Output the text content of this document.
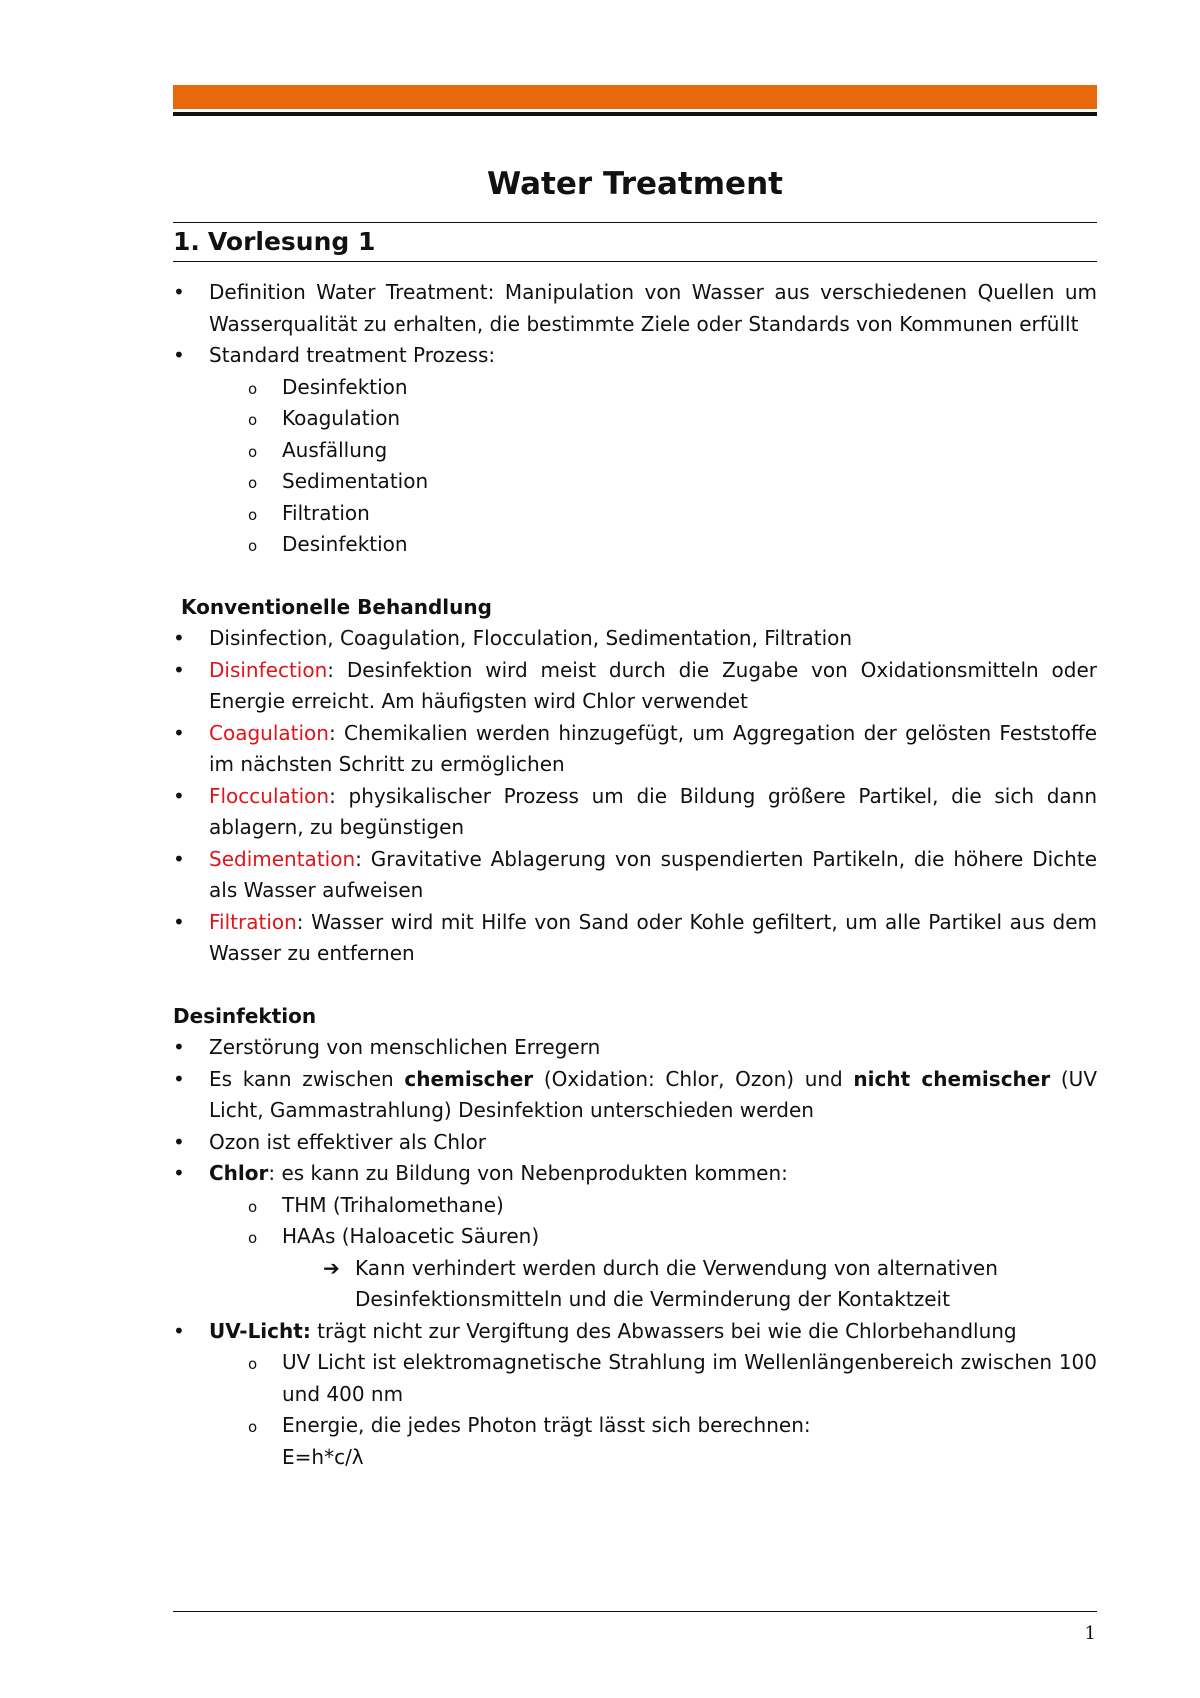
Water Treatment
1. Vorlesung 1
• Definition Water Treatment: Manipulation von Wasser aus verschiedenen Quellen um Wasserqualität zu erhalten, die bestimmte Ziele oder Standards von Kommunen erfüllt
• Standard treatment Prozess:
o Desinfektion
o Koagulation
o Ausfällung
o Sedimentation
o Filtration
o Desinfektion

Konventionelle Behandlung

• Disinfection, Coagulation, Flocculation, Sedimentation, Filtration
• Disinfection: Desinfektion wird meist durch die Zugabe von Oxidationsmitteln oder Energie erreicht. Am häufigsten wird Chlor verwendet
• Coagulation: Chemikalien werden hinzugefügt, um Aggregation der gelösten Feststoffe im nächsten Schritt zu ermöglichen
• Flocculation: physikalischer Prozess um die Bildung größere Partikel, die sich dann ablagern, zu begünstigen
• Sedimentation: Gravitative Ablagerung von suspendierten Partikeln, die höhere Dichte als Wasser aufweisen
• Filtration: Wasser wird mit Hilfe von Sand oder Kohle gefiltert, um alle Partikel aus dem Wasser zu entfernen

Desinfektion

• Zerstörung von menschlichen Erregern
• Es kann zwischen chemischer (Oxidation: Chlor, Ozon) und nicht chemischer (UV Licht, Gammastrahlung) Desinfektion unterschieden werden
• Ozon ist effektiver als Chlor
• Chlor: es kann zu Bildung von Nebenprodukten kommen:
o THM (Trihalomethane)
o HAAs (Haloacetic Säuren)
➔ Kann verhindert werden durch die Verwendung von alternativen Desinfektionsmitteln und die Verminderung der Kontaktzeit
• UV-Licht: trägt nicht zur Vergiftung des Abwassers bei wie die Chlorbehandlung
o UV Licht ist elektromagnetische Strahlung im Wellenlängenbereich zwischen 100 und 400 nm
o Energie, die jedes Photon trägt lässt sich berechnen:
E=h*c/λ
1
